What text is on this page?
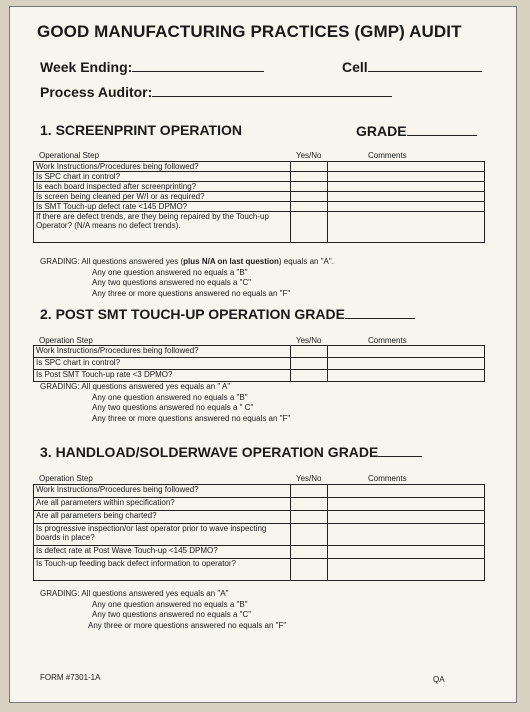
GOOD MANUFACTURING PRACTICES (GMP) AUDIT
Week Ending:	Cell
Process Auditor:
1. SCREENPRINT OPERATION	GRADE
Operational Step	Yes/No	Comments
Work Instructions/Procedures being followed?		
Is SPC chart in control?		
Is each board inspected after screenprinting?		
Is screen being cleaned per W/I or as required?		
Is SMT Touch-up defect rate <145 DPMO?		
If there are defect trends, are they being repaired by the Touch-up Operator? (N/A means no defect trends).		
GRADING: All questions answered yes (plus N/A on last question) equals an "A".
Any one question answered no equals a "B"
Any two questions answered no equals a "C"
Any three or more questions answered no equals an "F"
2. POST SMT TOUCH-UP OPERATION GRADE
Operation Step	Yes/No	Comments
Work Instructions/Procedures being followed?		
Is SPC chart in control?		
Is Post SMT Touch-up rate <3 DPMO?		
GRADING: All questions answered yes equals an " A"
Any one question answered no equals a "B"
Any two questions answered no equals a " C"
Any three or more questions answered no equals an "F"
3. HANDLOAD/SOLDERWAVE OPERATION GRADE
Operation Step	Yes/No	Comments
Work Instructions/Procedures being followed?		
Are all parameters within specification?		
Are all parameters being charted?		
Is progressive inspection/or last operator prior to wave inspecting boards in place?		
Is defect rate at Post Wave Touch-up <145 DPMO?		
Is Touch-up feeding back defect information to operator?		
GRADING: All questions answered yes equals an "A"
Any one question answered no equals a "B"
Any two questions answered no equals a "C"
Any three or more questions answered no equals an "F"
FORM #7301-1A	QA
